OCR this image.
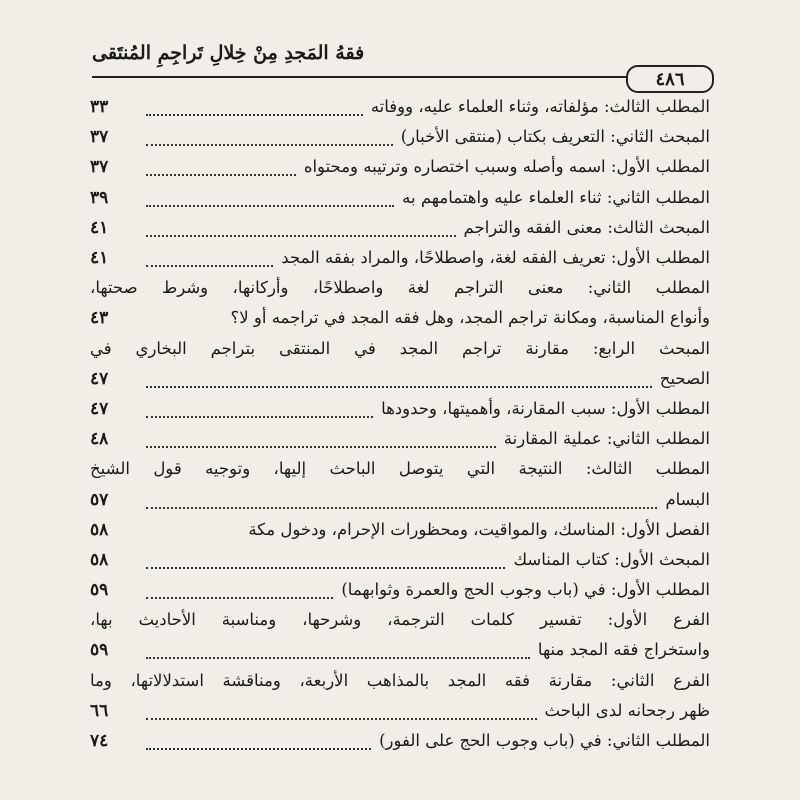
فقهُ المَجدِ مِنْ خِلالِ تَراجِمِ المُنتَقى
٤٨٦
المطلب الثالث: مؤلفاته، وثناء العلماء عليه، ووفاته
٣٣
المبحث الثاني: التعريف بكتاب (منتقى الأخبار)
٣٧
المطلب الأول: اسمه وأصله وسبب اختصاره وترتيبه ومحتواه
٣٧
المطلب الثاني: ثناء العلماء عليه واهتمامهم به
٣٩
المبحث الثالث: معنى الفقه والتراجم
٤١
المطلب الأول: تعريف الفقه لغة، واصطلاحًا، والمراد بفقه المجد
٤١
المطلب الثاني: معنى التراجم لغة واصطلاحًا، وأركانها، وشرط صحتها،
وأنواع المناسبة، ومكانة تراجم المجد، وهل فقه المجد في تراجمه أو لا؟
٤٣
المبحث الرابع: مقارنة تراجم المجد في المنتقى بتراجم البخاري في
الصحيح
٤٧
المطلب الأول: سبب المقارنة، وأهميتها، وحدودها
٤٧
المطلب الثاني: عملية المقارنة
٤٨
المطلب الثالث: النتيجة التي يتوصل الباحث إليها، وتوجيه قول الشيخ
البسام
٥٧
الفصل الأول: المناسك، والمواقيت، ومحظورات الإحرام، ودخول مكة
٥٨
المبحث الأول: كتاب المناسك
٥٨
المطلب الأول: في (باب وجوب الحج والعمرة وثوابهما)
٥٩
الفرع الأول: تفسير كلمات الترجمة، وشرحها، ومناسبة الأحاديث بها،
واستخراج فقه المجد منها
٥٩
الفرع الثاني: مقارنة فقه المجد بالمذاهب الأربعة، ومناقشة استدلالاتها، وما
ظهر رجحانه لدى الباحث
٦٦
المطلب الثاني: في (باب وجوب الحج على الفور)
٧٤
